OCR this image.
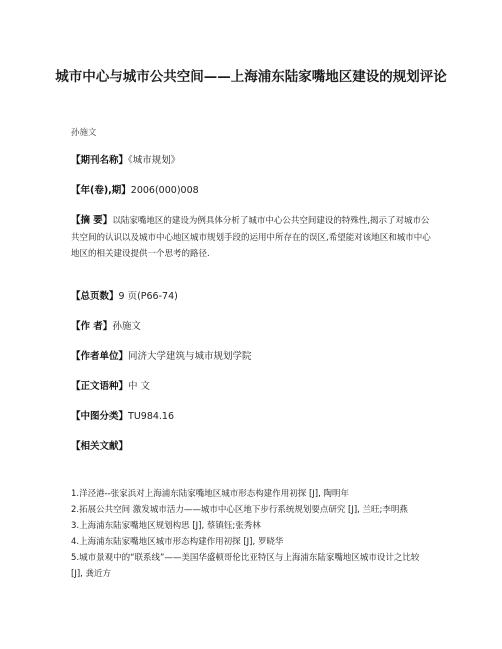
城市中心与城市公共空间——上海浦东陆家嘴地区建设的规划评论
孙施文
【期刊名称】《城市规划》
【年(卷),期】2006(000)008
【摘 要】以陆家嘴地区的建设为例具体分析了城市中心公共空间建设的特殊性,揭示了对城市公共空间的认识以及城市中心地区城市规划手段的运用中所存在的误区,希望能对该地区和城市中心地区的相关建设提供一个思考的路径.
【总页数】9 页(P66-74)
【作 者】孙施文
【作者单位】同济大学建筑与城市规划学院
【正文语种】中 文
【中图分类】TU984.16
【相关文献】

1.洋泾港--张家浜对上海浦东陆家嘴地区城市形态构建作用初探 [J], 陶明年

2.拓展公共空间 激发城市活力——城市中心区地下步行系统规划要点研究 [J], 兰旺;李明燕

3.上海浦东陆家嘴地区规划构思 [J], 蔡镇钰;张秀林

4.上海浦东陆家嘴地区城市形态构建作用初探 [J], 罗晓华

5.城市景观中的“联系线”——美国华盛顿哥伦比亚特区与上海浦东陆家嘴地区城市设计之比较 [J], 龚近方
